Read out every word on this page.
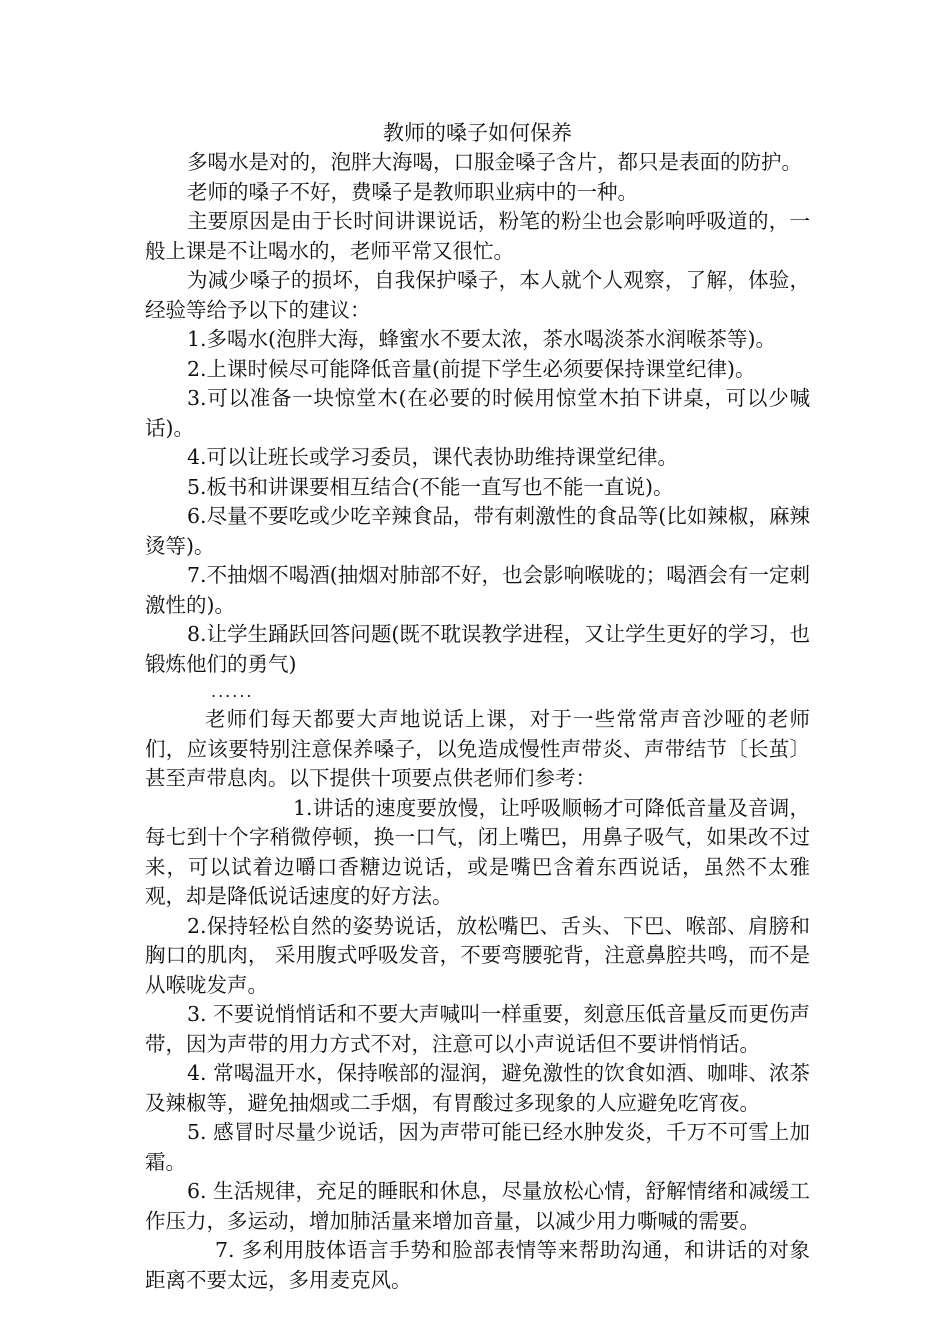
教师的嗓子如何保养

多喝水是对的，泡胖大海喝，口服金嗓子含片，都只是表面的防护。

老师的嗓子不好，费嗓子是教师职业病中的一种。

主要原因是由于长时间讲课说话，粉笔的粉尘也会影响呼吸道的，一般上课是不让喝水的，老师平常又很忙。

为减少嗓子的损坏，自我保护嗓子，本人就个人观察，了解，体验，经验等给予以下的建议：

1.多喝水(泡胖大海，蜂蜜水不要太浓，茶水喝淡茶水润喉茶等)。

2.上课时候尽可能降低音量(前提下学生必须要保持课堂纪律)。

3.可以准备一块惊堂木(在必要的时候用惊堂木拍下讲桌，可以少喊话)。

4.可以让班长或学习委员，课代表协助维持课堂纪律。

5.板书和讲课要相互结合(不能一直写也不能一直说)。

6.尽量不要吃或少吃辛辣食品，带有刺激性的食品等(比如辣椒，麻辣烫等)。

7.不抽烟不喝酒(抽烟对肺部不好，也会影响喉咙的；喝酒会有一定刺激性的)。

8.让学生踊跃回答问题(既不耽误教学进程，又让学生更好的学习，也锻炼他们的勇气)

......

老师们每天都要大声地说话上课，对于一些常常声音沙哑的老师们，应该要特别注意保养嗓子，以免造成慢性声带炎、声带结节〔长茧〕甚至声带息肉。以下提供十项要点供老师们参考：

1.讲话的速度要放慢，让呼吸顺畅才可降低音量及音调，每七到十个字稍微停顿，换一口气，闭上嘴巴，用鼻子吸气，如果改不过来，可以试着边嚼口香糖边说话，或是嘴巴含着东西说话，虽然不太雅观，却是降低说话速度的好方法。

2.保持轻松自然的姿势说话，放松嘴巴、舌头、下巴、喉部、肩膀和胸口的肌肉， 采用腹式呼吸发音，不要弯腰驼背，注意鼻腔共鸣，而不是从喉咙发声。

3. 不要说悄悄话和不要大声喊叫一样重要，刻意压低音量反而更伤声带，因为声带的用力方式不对，注意可以小声说话但不要讲悄悄话。

4. 常喝温开水，保持喉部的湿润，避免激性的饮食如酒、咖啡、浓茶及辣椒等，避免抽烟或二手烟，有胃酸过多现象的人应避免吃宵夜。

5. 感冒时尽量少说话，因为声带可能已经水肿发炎，千万不可雪上加霜。

6. 生活规律，充足的睡眠和休息，尽量放松心情，舒解情绪和减缓工作压力，多运动，增加肺活量来增加音量，以减少用力嘶喊的需要。

7. 多利用肢体语言手势和脸部表情等来帮助沟通，和讲话的对象距离不要太远，多用麦克风。
